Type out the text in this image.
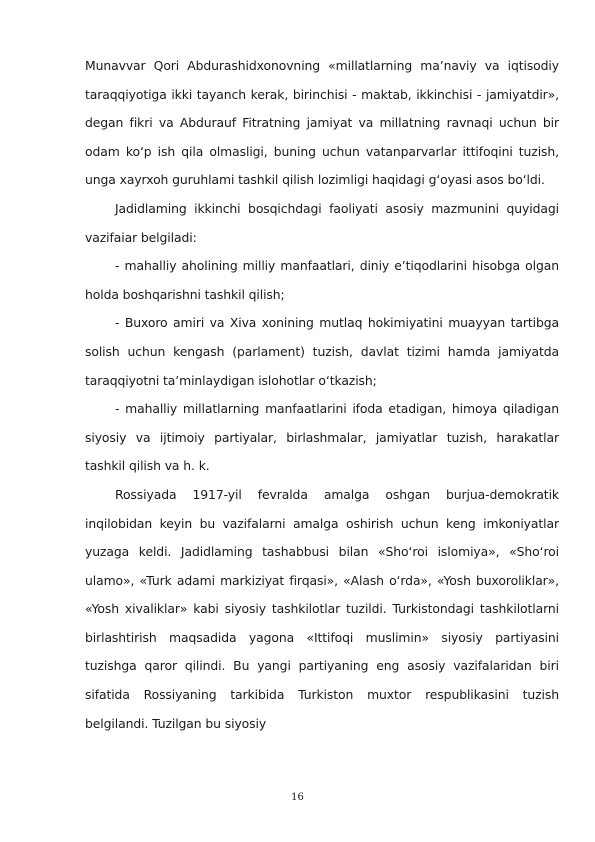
Munavvar Qori Abdurashidxonovning «millatlarning maʼnaviy va iqtisodiy taraqqiyotiga ikki tayanch kerak, birinchisi - maktab, ikkinchisi - jamiyatdir», degan fikri va Abdurauf Fitratning jamiyat va millatning ravnaqi uchun bir odam koʻp ish qila olmasligi, buning uchun vatanparvarlar ittifoqini tuzish, unga xayrxoh guruhlami tashkil qilish lozimligi haqidagi gʻoyasi asos boʻldi.

Jadidlaming ikkinchi bosqichdagi faoliyati asosiy mazmunini quyidagi vazifaiar belgiladi:

- mahalliy aholining milliy manfaatlari, diniy eʼtiqodlarini hisobga olgan holda boshqarishni tashkil qilish;

- Buxoro amiri va Xiva xonining mutlaq hokimiyatini muayyan tartibga solish uchun kengash (parlament) tuzish, davlat tizimi hamda jamiyatda taraqqiyotni taʼminlaydigan islohotlar oʻtkazish;

- mahalliy millatlarning manfaatlarini ifoda etadigan, himoya qiladigan siyosiy va ijtimoiy partiyalar, birlashmalar, jamiyatlar tuzish, harakatlar tashkil qilish va h. k.

Rossiyada 1917-yil fevralda amalga oshgan burjua-demokratik inqilobidan keyin bu vazifalarni amalga oshirish uchun keng imkoniyatlar yuzaga keldi. Jadidlaming tashabbusi bilan «Shoʻroi islomiya», «Shoʻroi ulamo», «Turk adami markiziyat firqasi», «Alash oʻrda», «Yosh buxoroliklar», «Yosh xivaliklar» kabi siyosiy tashkilotlar tuzildi. Turkistondagi tashkilotlarni birlashtirish maqsadida yagona «Ittifoqi muslimin» siyosiy partiyasini tuzishga qaror qilindi. Bu yangi partiyaning eng asosiy vazifalaridan biri sifatida Rossiyaning tarkibida Turkiston muxtor respublikasini tuzish belgilandi. Tuzilgan bu siyosiy

16
